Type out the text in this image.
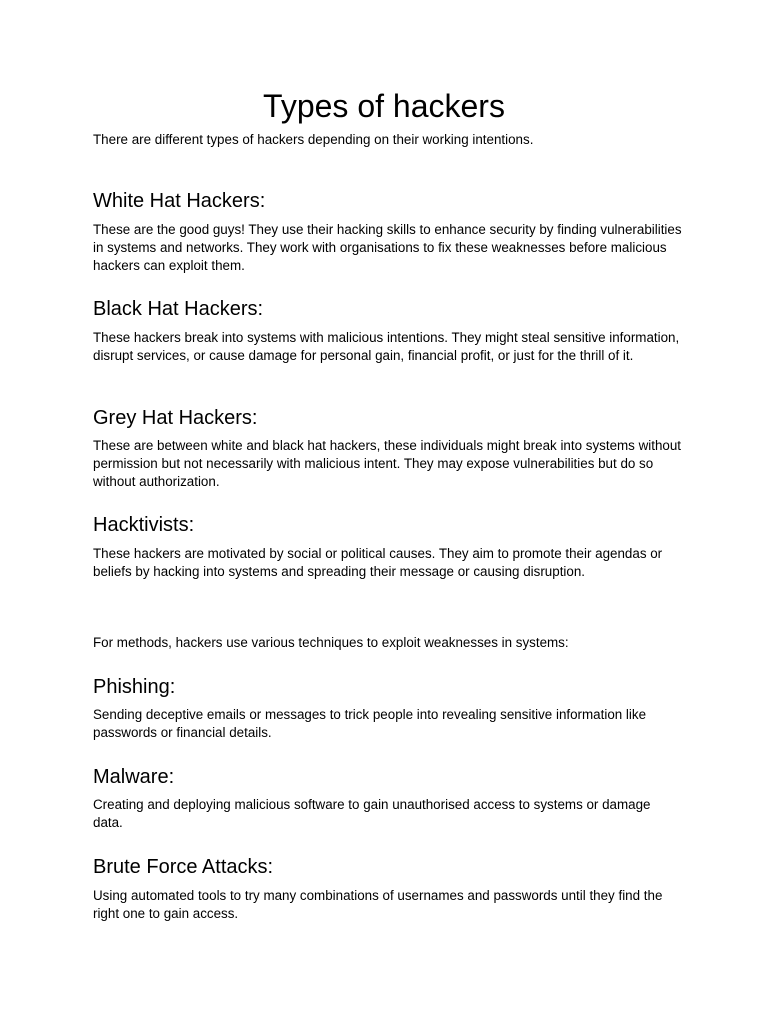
Types of hackers

There are different types of hackers depending on their working intentions.

White Hat Hackers:

These are the good guys! They use their hacking skills to enhance security by finding vulnerabilities in systems and networks. They work with organisations to fix these weaknesses before malicious hackers can exploit them.

Black Hat Hackers:

These hackers break into systems with malicious intentions. They might steal sensitive information, disrupt services, or cause damage for personal gain, financial profit, or just for the thrill of it.

Grey Hat Hackers:

These are between white and black hat hackers, these individuals might break into systems without permission but not necessarily with malicious intent. They may expose vulnerabilities but do so without authorization.

Hacktivists:

These hackers are motivated by social or political causes. They aim to promote their agendas or beliefs by hacking into systems and spreading their message or causing disruption.

For methods, hackers use various techniques to exploit weaknesses in systems:

Phishing:

Sending deceptive emails or messages to trick people into revealing sensitive information like passwords or financial details.

Malware:

Creating and deploying malicious software to gain unauthorised access to systems or damage data.

Brute Force Attacks:

Using automated tools to try many combinations of usernames and passwords until they find the right one to gain access.
